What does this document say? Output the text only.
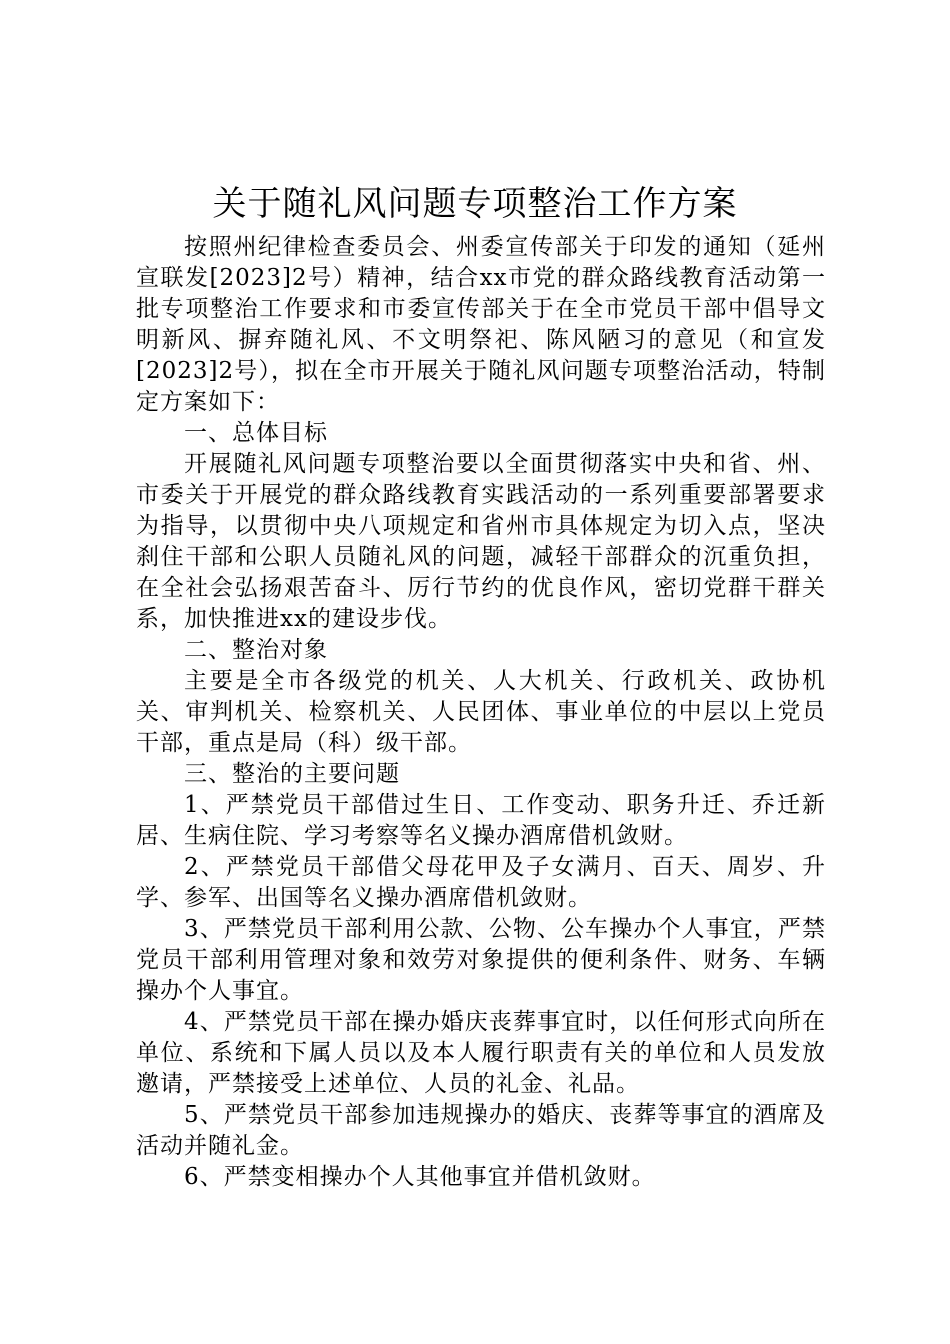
关于随礼风问题专项整治工作方案

按照州纪律检查委员会、州委宣传部关于印发的通知（延州宣联发[2023]2号）精神，结合xx市党的群众路线教育活动第一批专项整治工作要求和市委宣传部关于在全市党员干部中倡导文明新风、摒弃随礼风、不文明祭祀、陈风陋习的意见（和宣发[2023]2号），拟在全市开展关于随礼风问题专项整治活动，特制定方案如下：

一、总体目标

开展随礼风问题专项整治要以全面贯彻落实中央和省、州、市委关于开展党的群众路线教育实践活动的一系列重要部署要求为指导，以贯彻中央八项规定和省州市具体规定为切入点，坚决刹住干部和公职人员随礼风的问题，减轻干部群众的沉重负担，在全社会弘扬艰苦奋斗、厉行节约的优良作风，密切党群干群关系，加快推进xx的建设步伐。

二、整治对象

主要是全市各级党的机关、人大机关、行政机关、政协机关、审判机关、检察机关、人民团体、事业单位的中层以上党员干部，重点是局（科）级干部。

三、整治的主要问题

1、严禁党员干部借过生日、工作变动、职务升迁、乔迁新居、生病住院、学习考察等名义操办酒席借机敛财。

2、严禁党员干部借父母花甲及子女满月、百天、周岁、升学、参军、出国等名义操办酒席借机敛财。

3、严禁党员干部利用公款、公物、公车操办个人事宜，严禁党员干部利用管理对象和效劳对象提供的便利条件、财务、车辆操办个人事宜。

4、严禁党员干部在操办婚庆丧葬事宜时，以任何形式向所在单位、系统和下属人员以及本人履行职责有关的单位和人员发放邀请，严禁接受上述单位、人员的礼金、礼品。

5、严禁党员干部参加违规操办的婚庆、丧葬等事宜的酒席及活动并随礼金。

6、严禁变相操办个人其他事宜并借机敛财。
